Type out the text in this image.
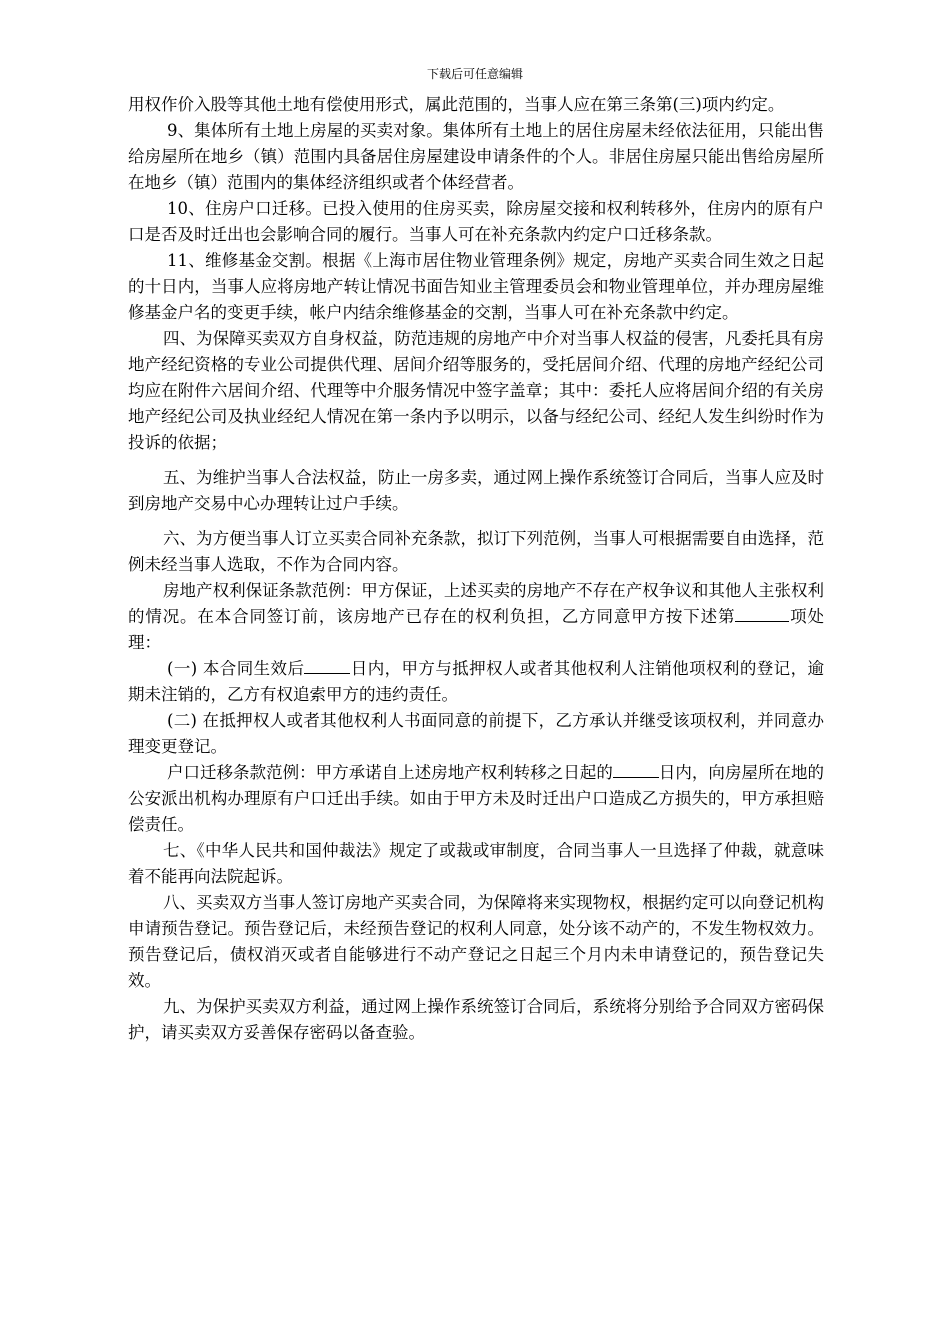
下载后可任意编辑

用权作价入股等其他土地有偿使用形式，属此范围的，当事人应在第三条第(三)项内约定。

9、集体所有土地上房屋的买卖对象。集体所有土地上的居住房屋未经依法征用，只能出售给房屋所在地乡（镇）范围内具备居住房屋建设申请条件的个人。非居住房屋只能出售给房屋所在地乡（镇）范围内的集体经济组织或者个体经营者。

10、住房户口迁移。已投入使用的住房买卖，除房屋交接和权利转移外，住房内的原有户口是否及时迁出也会影响合同的履行。当事人可在补充条款内约定户口迁移条款。

11、维修基金交割。根据《上海市居住物业管理条例》规定，房地产买卖合同生效之日起的十日内，当事人应将房地产转让情况书面告知业主管理委员会和物业管理单位，并办理房屋维修基金户名的变更手续，帐户内结余维修基金的交割，当事人可在补充条款中约定。

四、为保障买卖双方自身权益，防范违规的房地产中介对当事人权益的侵害，凡委托具有房地产经纪资格的专业公司提供代理、居间介绍等服务的，受托居间介绍、代理的房地产经纪公司均应在附件六居间介绍、代理等中介服务情况中签字盖章；其中：委托人应将居间介绍的有关房地产经纪公司及执业经纪人情况在第一条内予以明示，以备与经纪公司、经纪人发生纠纷时作为投诉的依据；

五、为维护当事人合法权益，防止一房多卖，通过网上操作系统签订合同后，当事人应及时到房地产交易中心办理转让过户手续。

六、为方便当事人订立买卖合同补充条款，拟订下列范例，当事人可根据需要自由选择，范例未经当事人选取，不作为合同内容。

房地产权利保证条款范例：甲方保证，上述买卖的房地产不存在产权争议和其他人主张权利的情况。在本合同签订前，该房地产已存在的权利负担，乙方同意甲方按下述第	项处理：

(一) 本合同生效后	日内，甲方与抵押权人或者其他权利人注销他项权利的登记，逾期未注销的，乙方有权追索甲方的违约责任。

(二) 在抵押权人或者其他权利人书面同意的前提下，乙方承认并继受该项权利，并同意办理变更登记。

户口迁移条款范例：甲方承诺自上述房地产权利转移之日起的	日内，向房屋所在地的公安派出机构办理原有户口迁出手续。如由于甲方未及时迁出户口造成乙方损失的，甲方承担赔偿责任。

七、《中华人民共和国仲裁法》规定了或裁或审制度，合同当事人一旦选择了仲裁，就意味着不能再向法院起诉。

八、买卖双方当事人签订房地产买卖合同，为保障将来实现物权，根据约定可以向登记机构申请预告登记。预告登记后，未经预告登记的权利人同意，处分该不动产的，不发生物权效力。预告登记后，债权消灭或者自能够进行不动产登记之日起三个月内未申请登记的，预告登记失效。

九、为保护买卖双方利益，通过网上操作系统签订合同后，系统将分别给予合同双方密码保护，请买卖双方妥善保存密码以备查验。
